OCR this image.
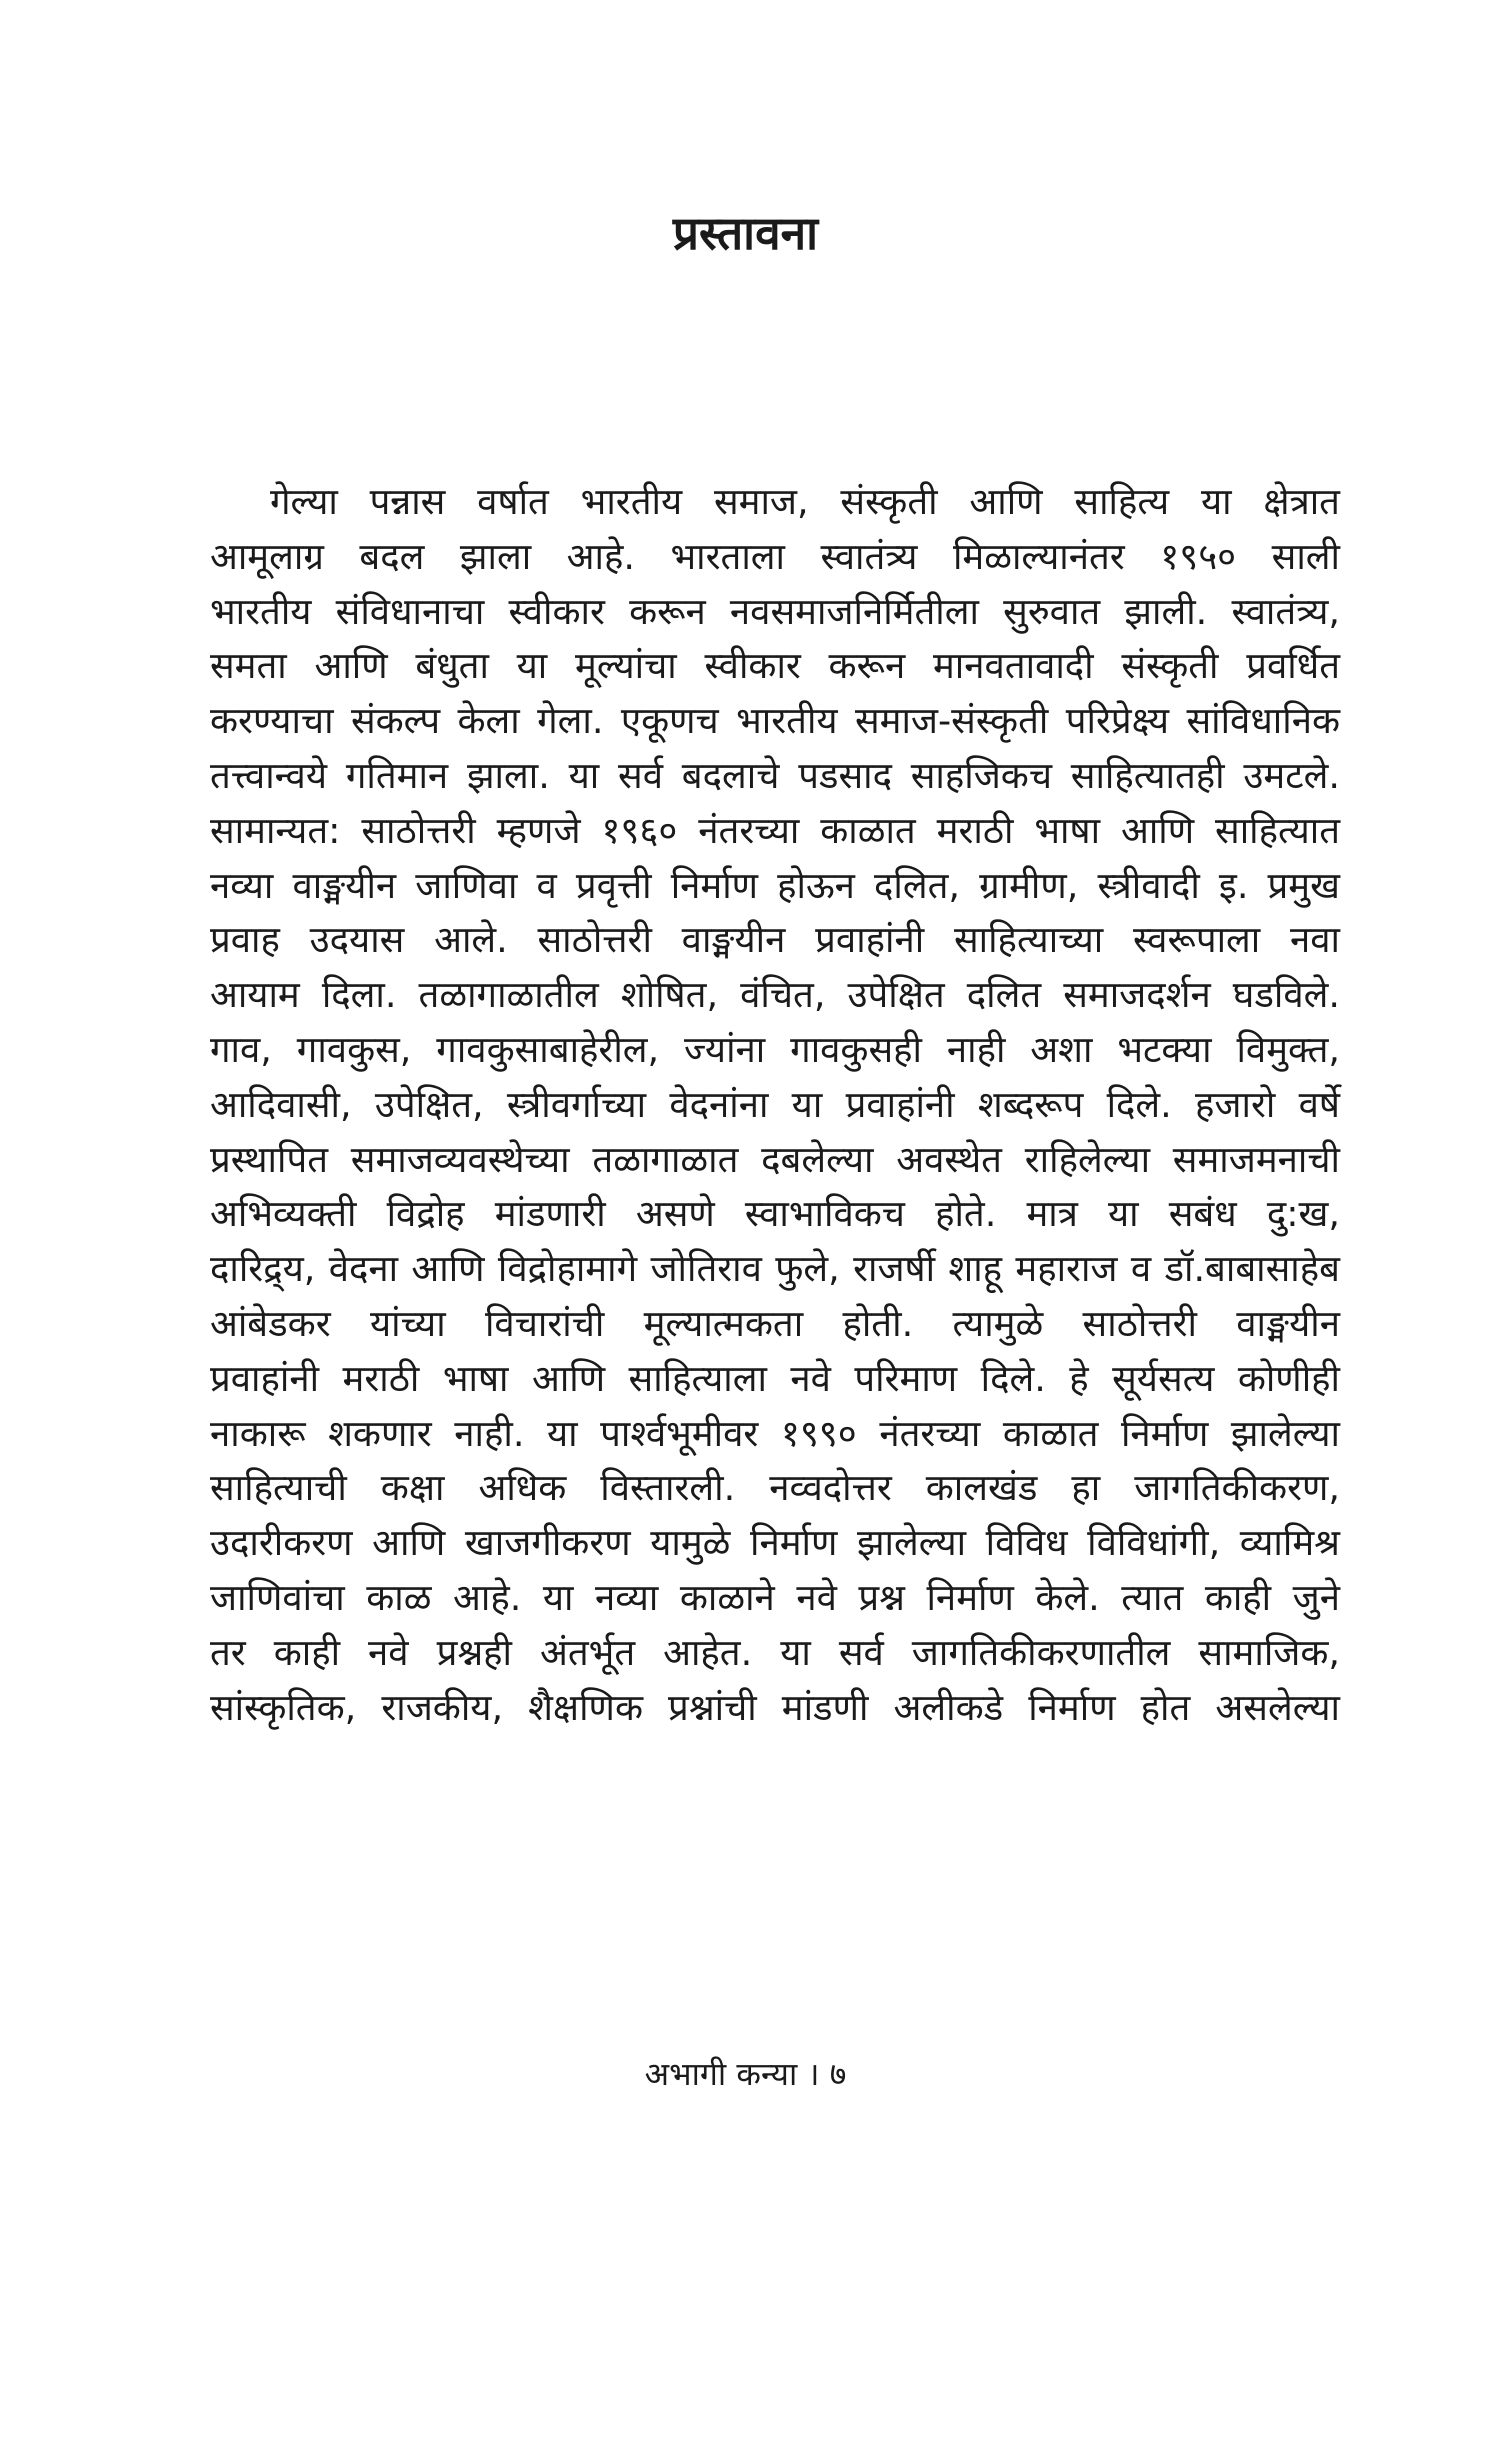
प्रस्तावना

गेल्या पन्नास वर्षात भारतीय समाज, संस्कृती आणि साहित्य या क्षेत्रात
आमूलाग्र बदल झाला आहे. भारताला स्वातंत्र्य मिळाल्यानंतर १९५० साली
भारतीय संविधानाचा स्वीकार करून नवसमाजनिर्मितीला सुरुवात झाली. स्वातंत्र्य,
समता आणि बंधुता या मूल्यांचा स्वीकार करून मानवतावादी संस्कृती प्रवर्धित
करण्याचा संकल्प केला गेला. एकूणच भारतीय समाज-संस्कृती परिप्रेक्ष्य सांविधानिक
तत्त्वान्वये गतिमान झाला. या सर्व बदलाचे पडसाद साहजिकच साहित्यातही उमटले.
सामान्यत: साठोत्तरी म्हणजे १९६० नंतरच्या काळात मराठी भाषा आणि साहित्यात
नव्या वाङ्मयीन जाणिवा व प्रवृत्ती निर्माण होऊन दलित, ग्रामीण, स्त्रीवादी इ. प्रमुख
प्रवाह उदयास आले. साठोत्तरी वाङ्मयीन प्रवाहांनी साहित्याच्या स्वरूपाला नवा
आयाम दिला. तळागाळातील शोषित, वंचित, उपेक्षित दलित समाजदर्शन घडविले.
गाव, गावकुस, गावकुसाबाहेरील, ज्यांना गावकुसही नाही अशा भटक्या विमुक्त,
आदिवासी, उपेक्षित, स्त्रीवर्गाच्या वेदनांना या प्रवाहांनी शब्दरूप दिले. हजारो वर्षे
प्रस्थापित समाजव्यवस्थेच्या तळागाळात दबलेल्या अवस्थेत राहिलेल्या समाजमनाची
अभिव्यक्ती विद्रोह मांडणारी असणे स्वाभाविकच होते. मात्र या सबंध दु:ख,
दारिद्र्य, वेदना आणि विद्रोहामागे जोतिराव फुले, राजर्षी शाहू महाराज व डॉ.बाबासाहेब
आंबेडकर यांच्या विचारांची मूल्यात्मकता होती. त्यामुळे साठोत्तरी वाङ्मयीन
प्रवाहांनी मराठी भाषा आणि साहित्याला नवे परिमाण दिले. हे सूर्यसत्य कोणीही
नाकारू शकणार नाही. या पार्श्वभूमीवर १९९० नंतरच्या काळात निर्माण झालेल्या
साहित्याची कक्षा अधिक विस्तारली. नव्वदोत्तर कालखंड हा जागतिकीकरण,
उदारीकरण आणि खाजगीकरण यामुळे निर्माण झालेल्या विविध विविधांगी, व्यामिश्र
जाणिवांचा काळ आहे. या नव्या काळाने नवे प्रश्न निर्माण केले. त्यात काही जुने
तर काही नवे प्रश्नही अंतर्भूत आहेत. या सर्व जागतिकीकरणातील सामाजिक,
सांस्कृतिक, राजकीय, शैक्षणिक प्रश्नांची मांडणी अलीकडे निर्माण होत असलेल्या

अभागी कन्या । ७
